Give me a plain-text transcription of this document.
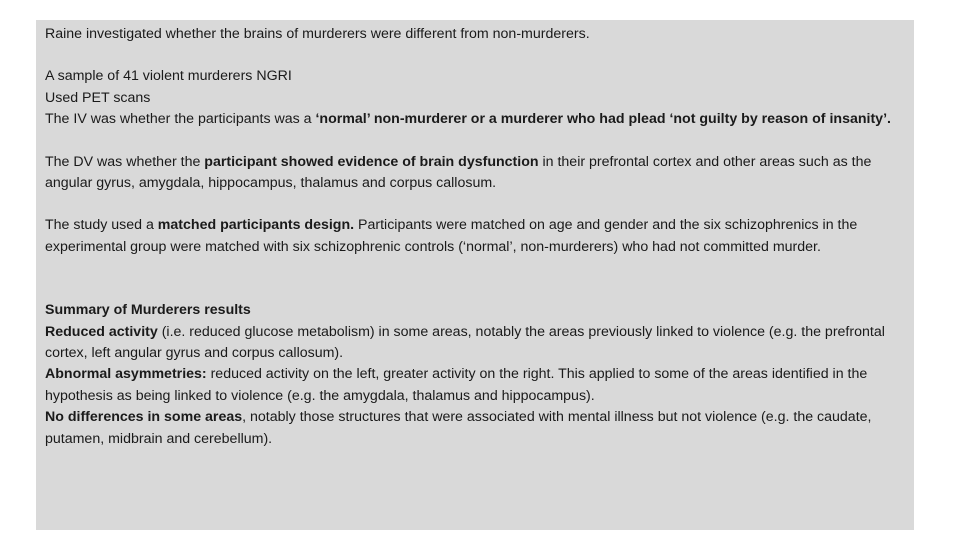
Raine investigated whether the brains of murderers were different from non-murderers.

A sample of 41 violent murderers NGRI

Used PET scans

The IV was whether the participants was a ‘normal’ non-murderer or a murderer who had plead ‘not guilty by reason of insanity’.

The DV was whether the participant showed evidence of brain dysfunction in their prefrontal cortex and other areas such as the angular gyrus, amygdala, hippocampus, thalamus and corpus callosum.

The study used a matched participants design. Participants were matched on age and gender and the six schizophrenics in the experimental group were matched with six schizophrenic controls (‘normal’, non-murderers) who had not committed murder.

Summary of Murderers results

Reduced activity (i.e. reduced glucose metabolism) in some areas, notably the areas previously linked to violence (e.g. the prefrontal cortex, left angular gyrus and corpus callosum).

Abnormal asymmetries: reduced activity on the left, greater activity on the right. This applied to some of the areas identified in the hypothesis as being linked to violence (e.g. the amygdala, thalamus and hippocampus).

No differences in some areas, notably those structures that were associated with mental illness but not violence (e.g. the caudate, putamen, midbrain and cerebellum).
